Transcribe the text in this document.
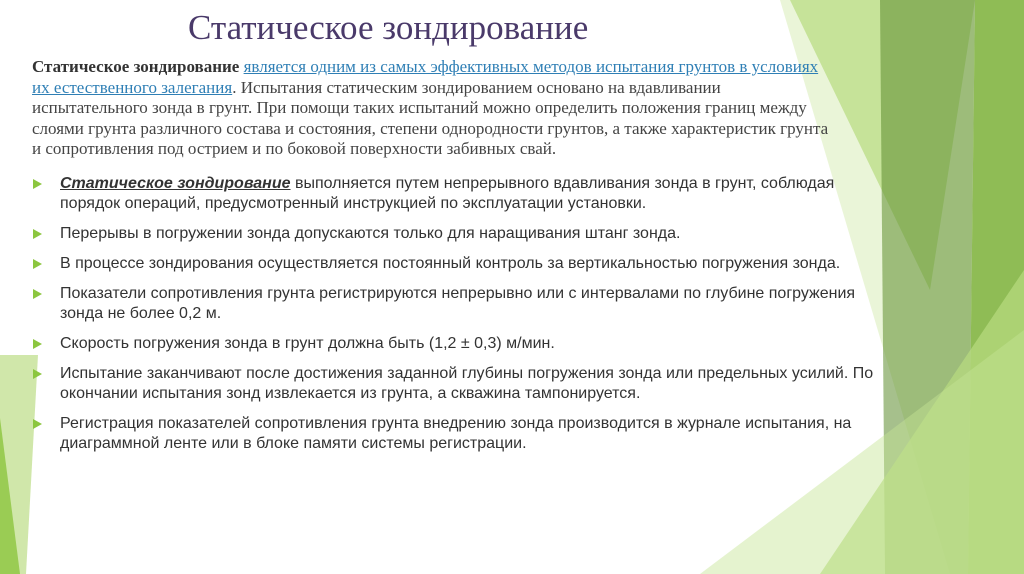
Статическое зондирование

Статическое зондирование является одним из самых эффективных методов испытания грунтов в условиях их естественного залегания. Испытания статическим зондированием основано на вдавливании испытательного зонда в грунт. При помощи таких испытаний можно определить положения границ между слоями грунта различного состава и состояния, степени однородности грунтов, а также характеристик грунта и сопротивления под острием и по боковой поверхности забивных свай.

Статическое зондирование выполняется путем непрерывного вдавливания зонда в грунт, соблюдая порядок операций, предусмотренный инструкцией по эксплуатации установки.
Перерывы в погружении зонда допускаются только для наращивания штанг зонда.
В процессе зондирования осуществляется постоянный контроль за вертикальностью погружения зонда.
Показатели сопротивления грунта регистрируются непрерывно или с интервалами по глубине погружения зонда не более 0,2 м.
Скорость погружения зонда в грунт должна быть (1,2 ± 0,3) м/мин.
Испытание заканчивают после достижения заданной глубины погружения зонда или предельных усилий. По окончании испытания зонд извлекается из грунта, а скважина тампонируется.
Регистрация показателей сопротивления грунта внедрению зонда производится в журнале испытания, на диаграммной ленте или в блоке памяти системы регистрации.
